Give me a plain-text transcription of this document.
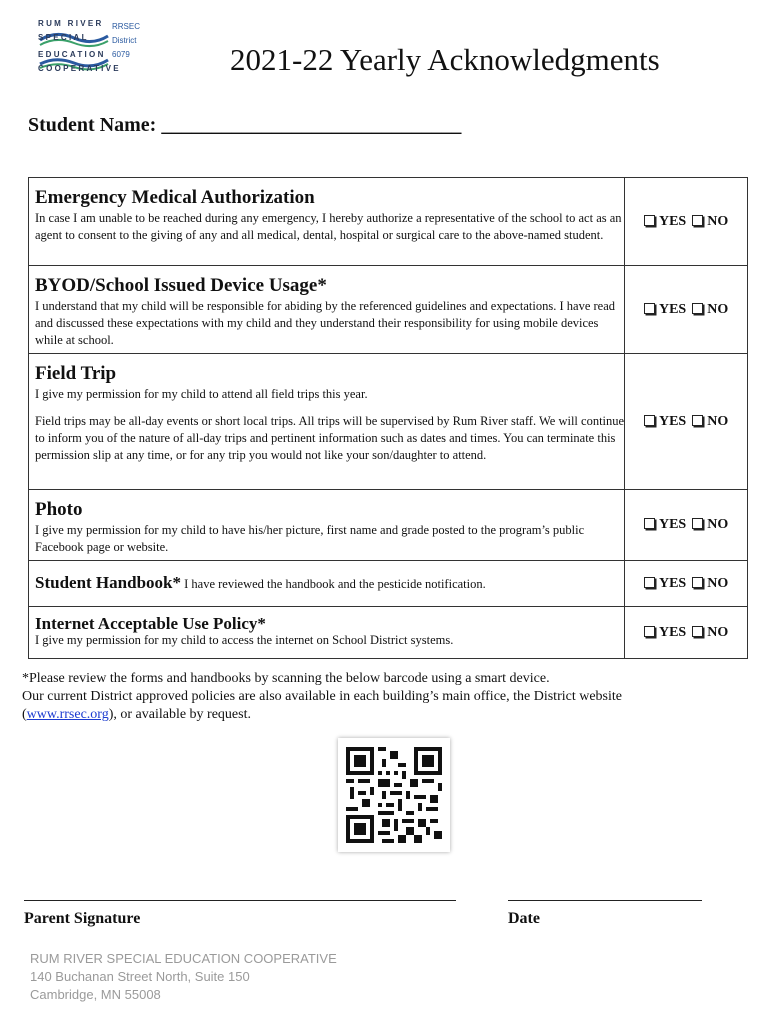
RUM RIVER
SPECIAL
EDUCATION
COOPERATIVE
RRSEC
District
6079	2021-22 Yearly Acknowledgments
Student Name: ______________________________
Emergency Medical Authorization
In case I am unable to be reached during any emergency, I hereby authorize a representative of the school to act as an agent to consent to the giving of any and all medical, dental, hospital or surgical care to the above-named student.	YES NO

BYOD/School Issued Device Usage*
I understand that my child will be responsible for abiding by the referenced guidelines and expectations. I have read and discussed these expectations with my child and they understand their responsibility for using mobile devices while at school.	YES NO

Field Trip
I give my permission for my child to attend all field trips this year.
Field trips may be all-day events or short local trips. All trips will be supervised by Rum River staff. We will continue to inform you of the nature of all-day trips and pertinent information such as dates and times. You can terminate this permission slip at any time, or for any trip you would not like your son/daughter to attend.	YES NO

Photo
I give my permission for my child to have his/her picture, first name and grade posted to the program’s public Facebook page or website.	YES NO
Student Handbook* I have reviewed the handbook and the pesticide notification.	YES NO

Internet Acceptable Use Policy*
I give my permission for my child to access the internet on School District systems.	YES NO
*Please review the forms and handbooks by scanning the below barcode using a smart device.
Our current District approved policies are also available in each building’s main office, the District website
(www.rrsec.org), or available by request.
Parent Signature	Date
RUM RIVER SPECIAL EDUCATION COOPERATIVE
140 Buchanan Street North, Suite 150
Cambridge, MN 55008
